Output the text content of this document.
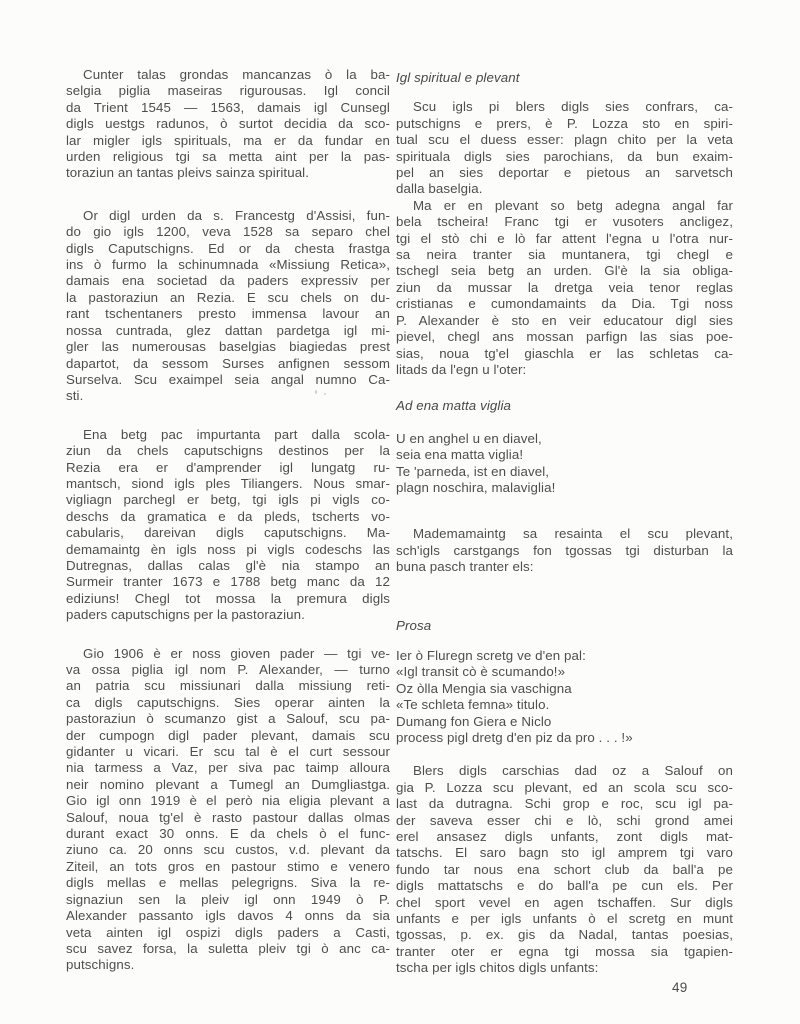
Cunter talas grondas mancanzas ò la ba-
selgia piglia maseiras rigurousas. Igl concil
da Trient 1545 — 1563, damais igl Cunsegl
digls uestgs radunos, ò surtot decidia da sco-
lar migler igls spirituals, ma er da fundar en
urden religious tgi sa metta aint per la pas-
toraziun an tantas pleivs sainza spiritual.
Or digl urden da s. Francestg d'Assisi, fun-
do gio igls 1200, veva 1528 sa separo chel
digls Caputschigns. Ed or da chesta frastga
ins ò furmo la schinumnada «Missiung Retica»,
damais ena societad da paders expressiv per
la pastoraziun an Rezia. E scu chels on du-
rant tschentaners presto immensa lavour an
nossa cuntrada, glez dattan pardetga igl mi-
gler las numerousas baselgias biagiedas prest
dapartot, da sessom Surses anfignen sessom
Surselva. Scu exaimpel seia angal numno Ca-
sti.
Ena betg pac impurtanta part dalla scola-
ziun da chels caputschigns destinos per la
Rezia era er d'amprender igl lungatg ru-
mantsch, siond igls ples Tiliangers. Nous smar-
vigliagn parchegl er betg, tgi igls pi vigls co-
deschs da gramatica e da pleds, tscherts vo-
cabularis, dareivan digls caputschigns. Ma-
demamaintg èn igls noss pi vigls codeschs las
Dutregnas, dallas calas gl'è nia stampo an
Surmeir tranter 1673 e 1788 betg manc da 12
ediziuns! Chegl tot mossa la premura digls
paders caputschigns per la pastoraziun.
Gio 1906 è er noss gioven pader — tgi ve-
va ossa piglia igl nom P. Alexander, — turno
an patria scu missiunari dalla missiung reti-
ca digls caputschigns. Sies operar ainten la
pastoraziun ò scumanzo gist a Salouf, scu pa-
der cumpogn digl pader plevant, damais scu
gidanter u vicari. Er scu tal è el curt sessour
nia tarmess a Vaz, per siva pac taimp alloura
neir nomino plevant a Tumegl an Dumgliastga.
Gio igl onn 1919 è el però nia eligia plevant a
Salouf, noua tg'el è rasto pastour dallas olmas
durant exact 30 onns. E da chels ò el func-
ziuno ca. 20 onns scu custos, v.d. plevant da
Ziteil, an tots gros en pastour stimo e venero
digls mellas e mellas pelegrigns. Siva la re-
signaziun sen la pleiv igl onn 1949 ò P.
Alexander passanto igls davos 4 onns da sia
veta ainten igl ospizi digls paders a Casti,
scu savez forsa, la suletta pleiv tgi ò anc ca-
putschigns.
Igl spiritual e plevant
Scu igls pi blers digls sies confrars, ca-
putschigns e prers, è P. Lozza sto en spiri-
tual scu el duess esser: plagn chito per la veta
spirituala digls sies parochians, da bun exaim-
pel an sies deportar e pietous an sarvetsch
dalla baselgia.
Ma er en plevant so betg adegna angal far
bela tscheira! Franc tgi er vusoters ancligez,
tgi el stò chi e lò far attent l'egna u l'otra nur-
sa neira tranter sia muntanera, tgi chegl e
tschegl seia betg an urden. Gl'è la sia obliga-
ziun da mussar la dretga veia tenor reglas
cristianas e cumondamaints da Dia. Tgi noss
P. Alexander è sto en veir educatour digl sies
pievel, chegl ans mossan parfign las sias poe-
sias, noua tg'el giaschla er las schletas ca-
litads da l'egn u l'oter:
Ad ena matta viglia
U en anghel u en diavel,
seia ena matta viglia!
Te 'parneda, ist en diavel,
plagn noschira, malaviglia!
Mademamaintg sa resainta el scu plevant,
sch'igls carstgangs fon tgossas tgi disturban la
buna pasch tranter els:
Prosa
Ier ò Fluregn scretg ve d'en pal:
«Igl transit cò è scumando!»
Oz òlla Mengia sia vaschigna
«Te schleta femna» titulo.
Dumang fon Giera e Niclo
process pigl dretg d'en piz da pro . . . !»
Blers digls carschias dad oz a Salouf on
gia P. Lozza scu plevant, ed an scola scu sco-
last da dutragna. Schi grop e roc, scu igl pa-
der saveva esser chi e lò, schi grond amei
erel ansasez digls unfants, zont digls mat-
tatschs. El saro bagn sto igl amprem tgi varo
fundo tar nous ena schort club da ball'a pe
digls mattatschs e do ball'a pe cun els. Per
chel sport vevel en agen tschaffen. Sur digls
unfants e per igls unfants ò el scretg en munt
tgossas, p. ex. gis da Nadal, tantas poesias,
tranter oter er egna tgi mossa sia tgapien-
tscha per igls chitos digls unfants:
49
